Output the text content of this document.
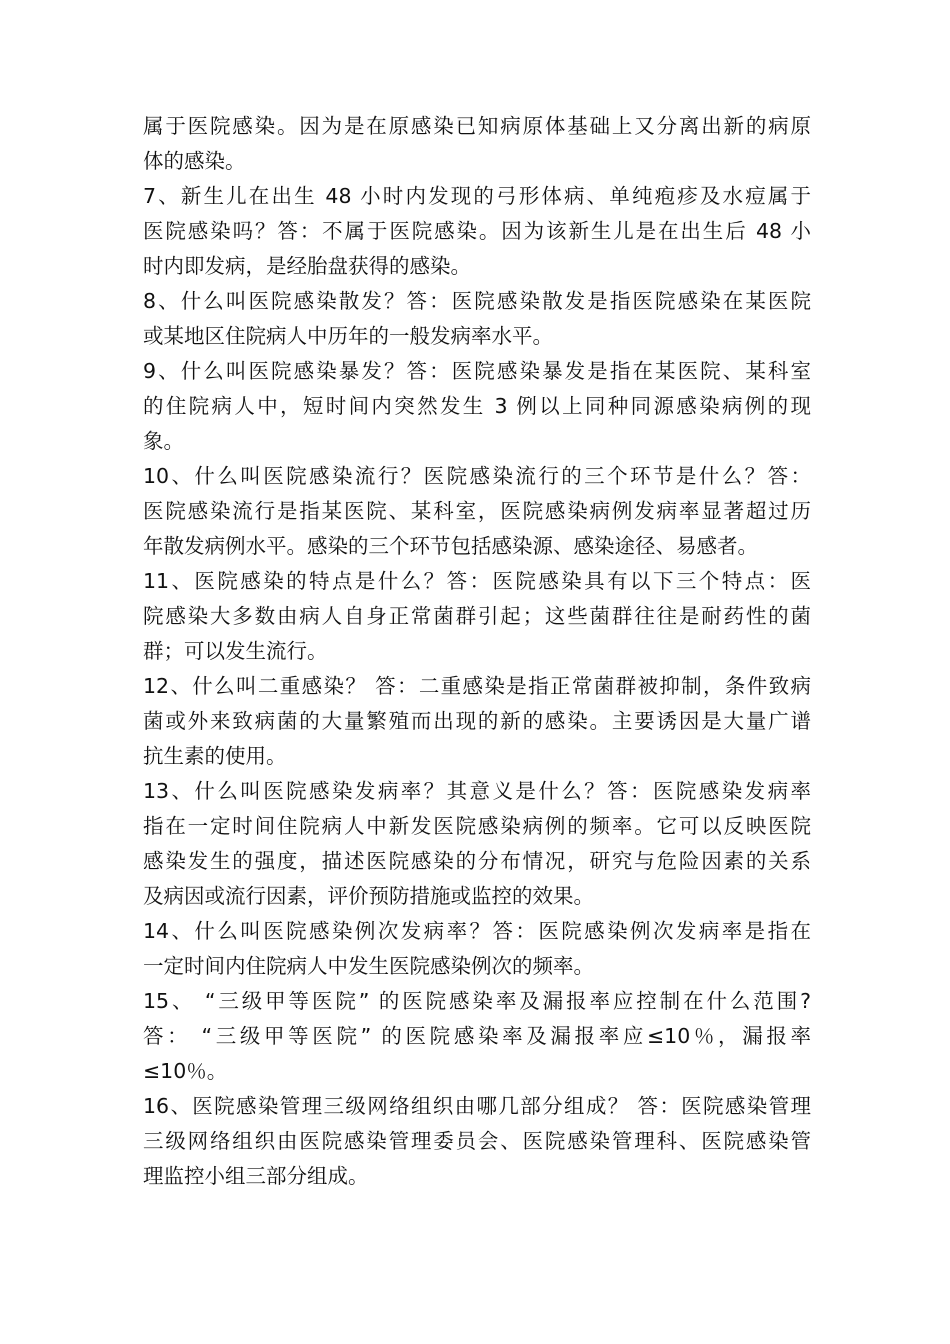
属于医院感染。因为是在原感染已知病原体基础上又分离出新的病原
体的感染。
7、新生儿在出生 48 小时内发现的弓形体病、单纯疱疹及水痘属于
医院感染吗？答：不属于医院感染。因为该新生儿是在出生后 48 小
时内即发病，是经胎盘获得的感染。
8、什么叫医院感染散发？答：医院感染散发是指医院感染在某医院
或某地区住院病人中历年的一般发病率水平。
9、什么叫医院感染暴发？答：医院感染暴发是指在某医院、某科室
的住院病人中，短时间内突然发生 3 例以上同种同源感染病例的现
象。
10、什么叫医院感染流行？医院感染流行的三个环节是什么？答：
医院感染流行是指某医院、某科室，医院感染病例发病率显著超过历
年散发病例水平。感染的三个环节包括感染源、感染途径、易感者。
11、医院感染的特点是什么？答：医院感染具有以下三个特点：医
院感染大多数由病人自身正常菌群引起；这些菌群往往是耐药性的菌
群；可以发生流行。
12、什么叫二重感染？ 答：二重感染是指正常菌群被抑制，条件致病
菌或外来致病菌的大量繁殖而出现的新的感染。主要诱因是大量广谱
抗生素的使用。
13、什么叫医院感染发病率？其意义是什么？答：医院感染发病率
指在一定时间住院病人中新发医院感染病例的频率。它可以反映医院
感染发生的强度，描述医院感染的分布情况，研究与危险因素的关系
及病因或流行因素，评价预防措施或监控的效果。
14、什么叫医院感染例次发病率？答：医院感染例次发病率是指在
一定时间内住院病人中发生医院感染例次的频率。
15、 “三级甲等医院” 的医院感染率及漏报率应控制在什么范围?
答： “三级甲等医院” 的医院感染率及漏报率应≤10％，漏报率
≤10％。
16、医院感染管理三级网络组织由哪几部分组成？ 答：医院感染管理
三级网络组织由医院感染管理委员会、医院感染管理科、医院感染管
理监控小组三部分组成。
